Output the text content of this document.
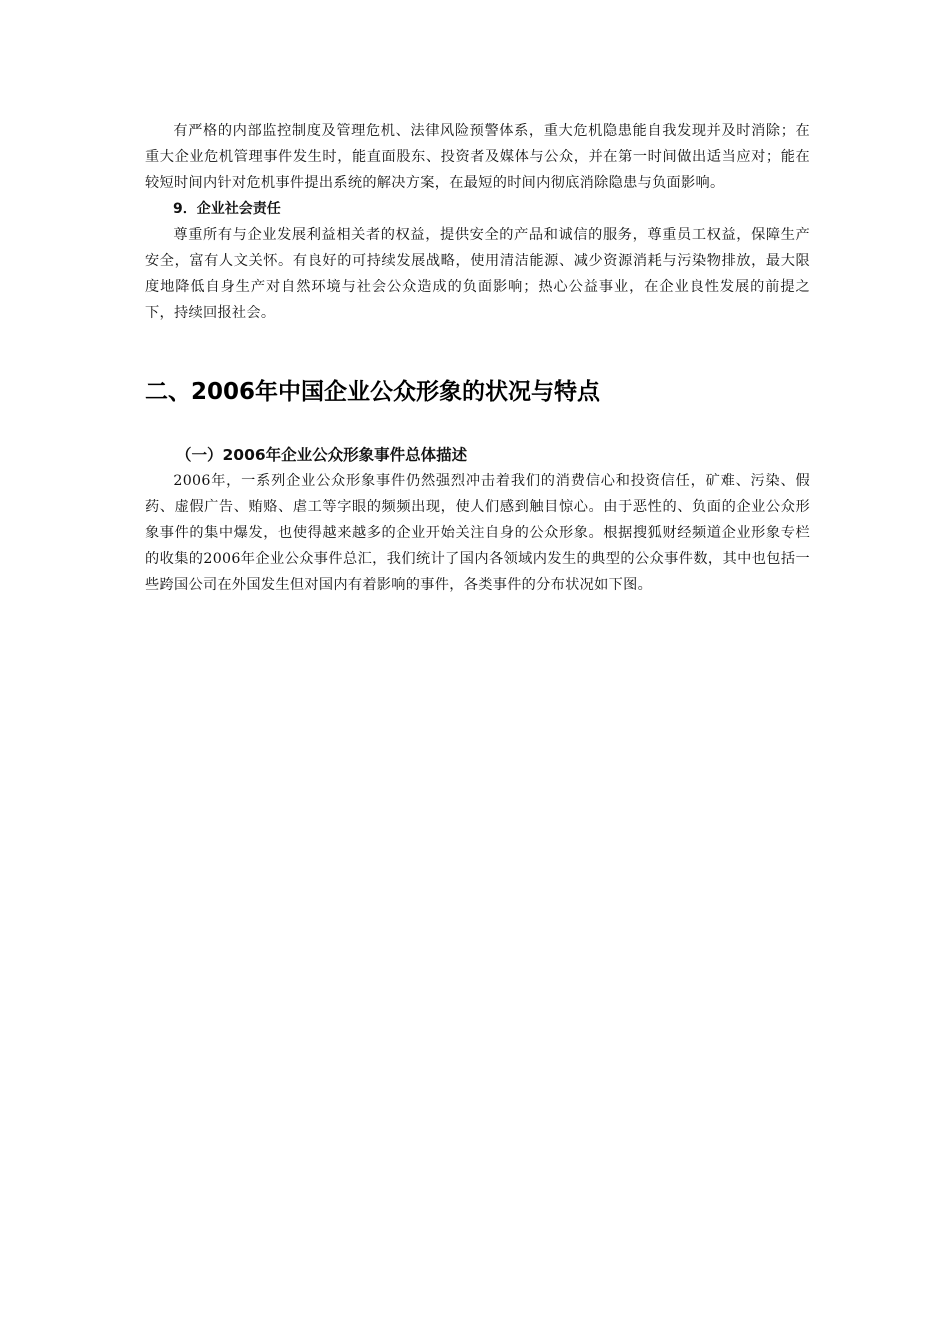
有严格的内部监控制度及管理危机、法律风险预警体系，重大危机隐患能自我发现并及时消除；在重大企业危机管理事件发生时，能直面股东、投资者及媒体与公众，并在第一时间做出适当应对；能在较短时间内针对危机事件提出系统的解决方案，在最短的时间内彻底消除隐患与负面影响。

9．企业社会责任

尊重所有与企业发展利益相关者的权益，提供安全的产品和诚信的服务，尊重员工权益，保障生产安全，富有人文关怀。有良好的可持续发展战略，使用清洁能源、减少资源消耗与污染物排放，最大限度地降低自身生产对自然环境与社会公众造成的负面影响；热心公益事业，在企业良性发展的前提之下，持续回报社会。

二、2006年中国企业公众形象的状况与特点
（一）2006年企业公众形象事件总体描述

2006年，一系列企业公众形象事件仍然强烈冲击着我们的消费信心和投资信任，矿难、污染、假药、虚假广告、贿赂、虐工等字眼的频频出现，使人们感到触目惊心。由于恶性的、负面的企业公众形象事件的集中爆发，也使得越来越多的企业开始关注自身的公众形象。根据搜狐财经频道企业形象专栏的收集的2006年企业公众事件总汇，我们统计了国内各领域内发生的典型的公众事件数，其中也包括一些跨国公司在外国发生但对国内有着影响的事件，各类事件的分布状况如下图。
